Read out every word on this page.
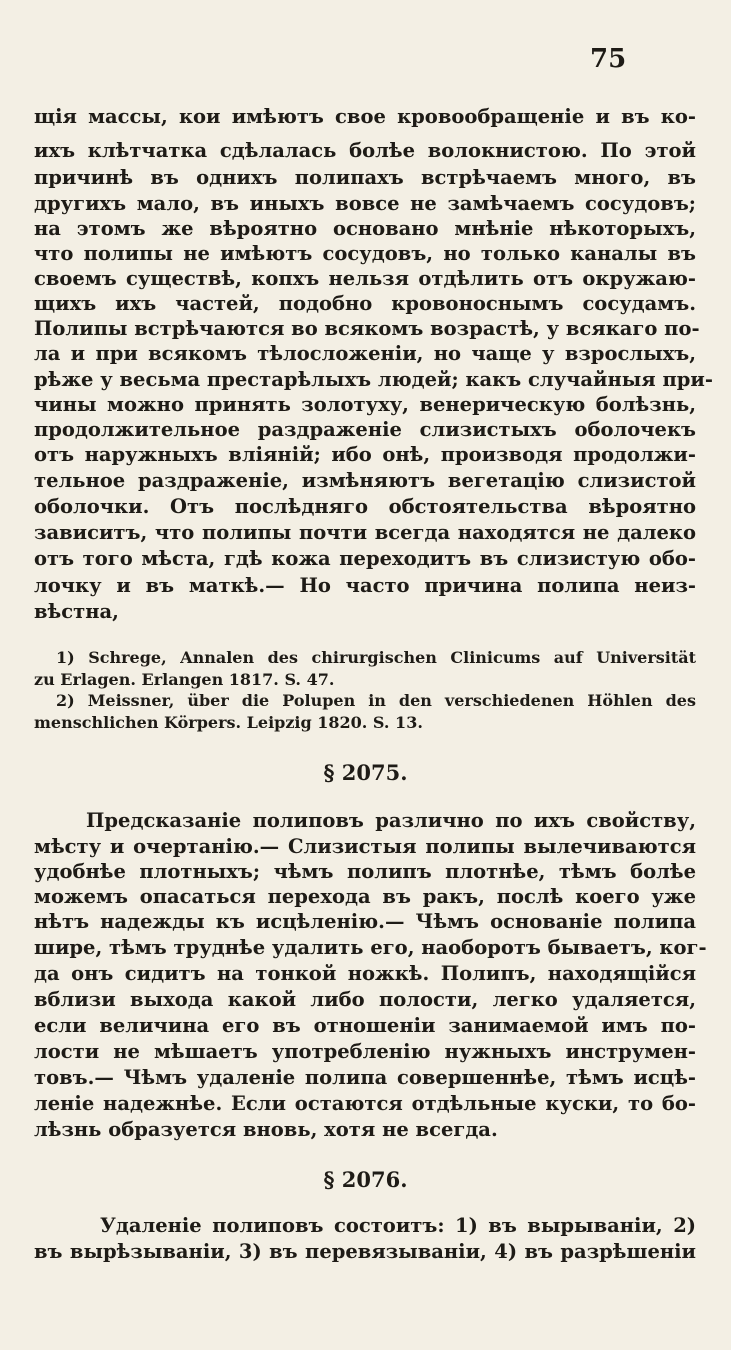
75
щія массы, кои имѣютъ свое кровообращеніе и въ ко-
ихъ клѣтчатка сдѣлалась болѣе волокнистою. По этой
причинѣ въ однихъ полипахъ встрѣчаемъ много, въ
другихъ мало, въ иныхъ вовсе не замѣчаемъ сосудовъ;
на этомъ же вѣроятно основано мнѣніе нѣкоторыхъ,
что полипы не имѣютъ сосудовъ, но только каналы въ
своемъ существѣ, копхъ нельзя отдѣлить отъ окружаю-
щихъ ихъ частей, подобно кровоноснымъ сосудамъ.
Полипы встрѣчаются во всякомъ возрастѣ, у всякаго по-
ла и при всякомъ тѣлосложеніи, но чаще у взрослыхъ,
рѣже у весьма престарѣлыхъ людей; какъ случайныя при-
чины можно принять золотуху, венерическую болѣзнь,
продолжительное раздраженіе слизистыхъ оболочекъ
отъ наружныхъ вліяній; ибо онѣ, производя продолжи-
тельное раздраженіе, измѣняютъ вегетацію слизистой
оболочки. Отъ послѣдняго обстоятельства вѣроятно
зависитъ, что полипы почти всегда находятся не далеко
отъ того мѣста, гдѣ кожа переходитъ въ слизистую обо-
лочку и въ маткѣ.— Но часто причина полипа неиз-
вѣстна,
1) Schrege, Annalen des chirurgischen Clinicums auf Universität
zu Erlagen. Erlangen 1817. S. 47.
2) Meissner, über die Polupen in den verschiedenen Höhlen des
menschlichen Körpers. Leipzig 1820. S. 13.
§ 2075.
Предсказаніе полиповъ различно по ихъ свойству,
мѣсту и очертанію.— Слизистыя полипы вылечиваются
удобнѣе плотныхъ; чѣмъ полипъ плотнѣе, тѣмъ болѣе
можемъ опасаться перехода въ ракъ, послѣ коего уже
нѣтъ надежды къ исцѣленію.— Чѣмъ основаніе полипа
шире, тѣмъ труднѣе удалить его, наоборотъ бываетъ, ког-
да онъ сидитъ на тонкой ножкѣ. Полипъ, находящійся
вблизи выхода какой либо полости, легко удаляется,
если величина его въ отношеніи занимаемой имъ по-
лости не мѣшаетъ употребленію нужныхъ инструмен-
товъ.— Чѣмъ удаленіе полипа совершеннѣе, тѣмъ исцѣ-
леніе надежнѣе. Если остаются отдѣльные куски, то бо-
лѣзнь образуется вновь, хотя не всегда.
§ 2076.
Удаленіе полиповъ состоитъ: 1) въ вырываніи, 2)
въ вырѣзываніи, 3) въ перевязываніи, 4) въ разрѣшеніи
